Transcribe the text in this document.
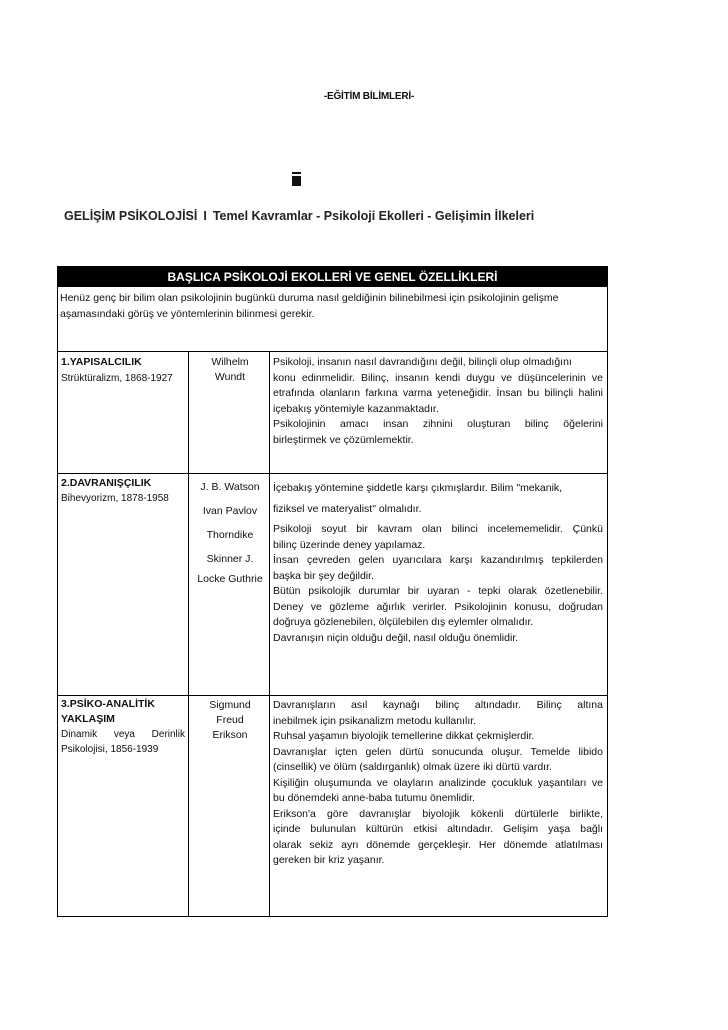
-EĞİTİM BİLİMLERİ-
GELİŞİM PSİKOLOJİSİ I Temel Kavramlar - Psikoloji Ekolleri - Gelişimin İlkeleri
BAŞLICA PSİKOLOJİ EKOLLERİ VE GENEL ÖZELLİKLERİ
Henüz genç bir bilim olan psikolojinin bugünkü duruma nasıl geldiğinin bilinebilmesi için psikolojinin gelişme
aşamasındaki görüş ve yöntemlerinin bilinmesi gerekir.
1.YAPISALCILIK
Strüktüralizm, 1868-1927
Wilhelm
Wundt
Psikoloji, insanın nasıl davrandığını değil, bilinçli olup olmadığını
konu edinmelidir. Bilinç, insanın kendi duygu ve düşüncelerinin ve
etrafında olanların farkına varma yeteneğidir. İnsan bu bilinçli halini
içebakış yöntemiyle kazanmaktadır.
Psikolojinin amacı insan zihnini oluşturan bilinç öğelerini
birleştirmek ve çözümlemektir.
2.DAVRANIŞÇILIK
Bihevyorizm, 1878-1958
J. B. Watson
Ivan Pavlov
Thorndike
Skinner J.
Locke Guthrie
İçebakış yöntemine şiddetle karşı çıkmışlardır. Bilim "mekanik,
fiziksel ve materyalist" olmalıdır.
Psikoloji soyut bir kavram olan bilinci incelememelidir. Çünkü
bilinç üzerinde deney yapılamaz.
İnsan çevreden gelen uyarıcılara karşı kazandırılmış tepkilerden
başka bir şey değildir.
Bütün psikolojik durumlar bir uyaran - tepki olarak özetlenebilir.
Deney ve gözleme ağırlık verirler. Psikolojinin konusu, doğrudan
doğruya gözlenebilen, ölçülebilen dış eylemler olmalıdır.
Davranışın niçin olduğu değil, nasıl olduğu önemlidir.
3.PSİKO-ANALİTİK
YAKLAŞIM
Dinamik veya Derinlik
Psikolojisi, 1856-1939
Sigmund
Freud
Erikson
Davranışların asıl kaynağı bilinç altındadır. Bilinç altına
inebilmek için psikanalizm metodu kullanılır.
Ruhsal yaşamın biyolojik temellerine dikkat çekmişlerdir.
Davranışlar içten gelen dürtü sonucunda oluşur. Temelde libido
(cinsellik) ve ölüm (saldırganlık) olmak üzere iki dürtü vardır.
Kişiliğin oluşumunda ve olayların analizinde çocukluk yaşantıları ve
bu dönemdeki anne-baba tutumu önemlidir.
Erikson'a göre davranışlar biyolojik kökenli dürtülerle birlikte,
içinde bulunulan kültürün etkisi altındadır. Gelişim yaşa bağlı
olarak sekiz ayrı dönemde gerçekleşir. Her dönemde atlatılması
gereken bir kriz yaşanır.
